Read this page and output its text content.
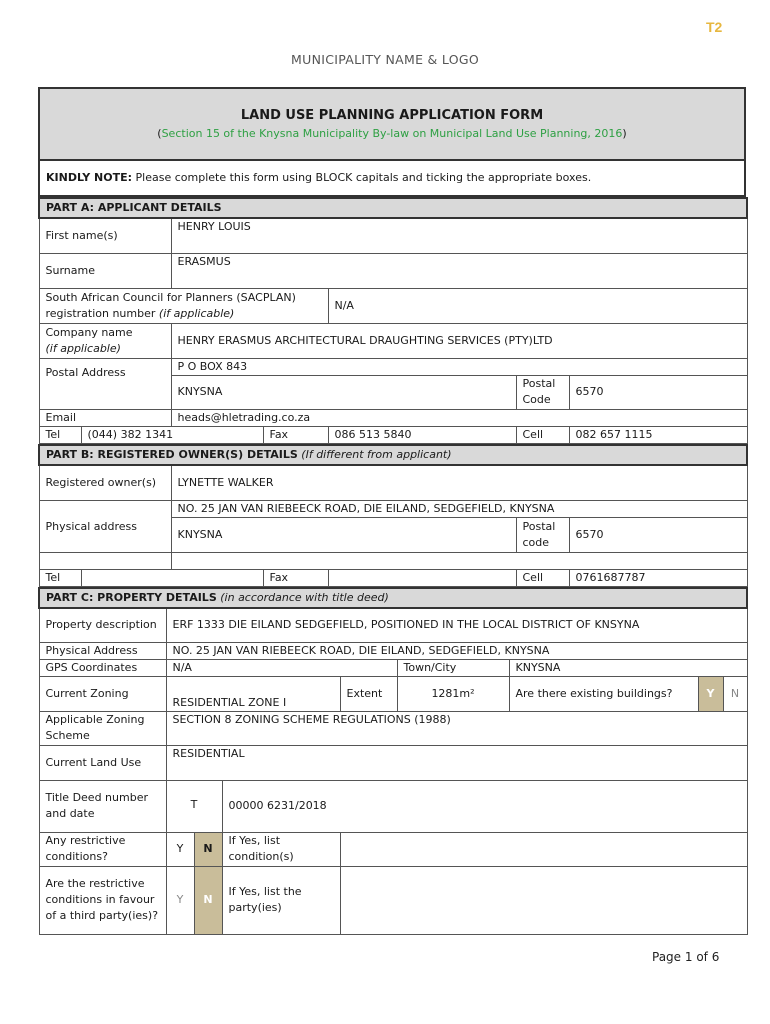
T2
MUNICIPALITY NAME & LOGO
LAND USE PLANNING APPLICATION FORM
(Section 15 of the Knysna Municipality By-law on Municipal Land Use Planning, 2016)

KINDLY NOTE: Please complete this form using BLOCK capitals and ticking the appropriate boxes.
PART A: APPLICANT DETAILS						
First name(s)		HENRY LOUIS				
Surname		ERASMUS				
South African Council for Planners (SACPLAN) registration number (if applicable)				N/A		
Company name
(if applicable)		HENRY ERASMUS ARCHITECTURAL DRAUGHTING SERVICES (PTY)LTD				
Postal Address		P O BOX 843				
		KNYSNA			Postal Code	6570
Email		heads@hletrading.co.za				
Tel	(044) 382 1341		Fax	086 513 5840	Cell	082 657 1115
PART B: REGISTERED OWNER(S) DETAILS (If different from applicant)						
Registered owner(s)		LYNETTE WALKER				
Physical address		NO. 25 JAN VAN RIEBEECK ROAD, DIE EILAND, SEDGEFIELD, KNYSNA				
		KNYSNA			Postal code	6570

Tel			Fax		Cell	0761687787
PART C: PROPERTY DETAILS (in accordance with title deed)								
Property description	ERF 1333 DIE EILAND SEDGEFIELD, POSITIONED IN THE LOCAL DISTRICT OF KNSYNA							
Physical Address	NO. 25 JAN VAN RIEBEECK ROAD, DIE EILAND, SEDGEFIELD, KNYSNA							
GPS Coordinates	N/A				Town/City	KNYSNA		
Current Zoning	RESIDENTIAL ZONE I			Extent	1281m²	Are there existing buildings?	Y	N
Applicable Zoning Scheme	SECTION 8 ZONING SCHEME REGULATIONS (1988)							
Current Land Use	RESIDENTIAL							
Title Deed number and date	T		00000 6231/2018					
Any restrictive conditions?	Y	N	If Yes, list condition(s)					
Are the restrictive conditions in favour of a third party(ies)?	Y	N	If Yes, list the party(ies)					
Page 1 of 6
